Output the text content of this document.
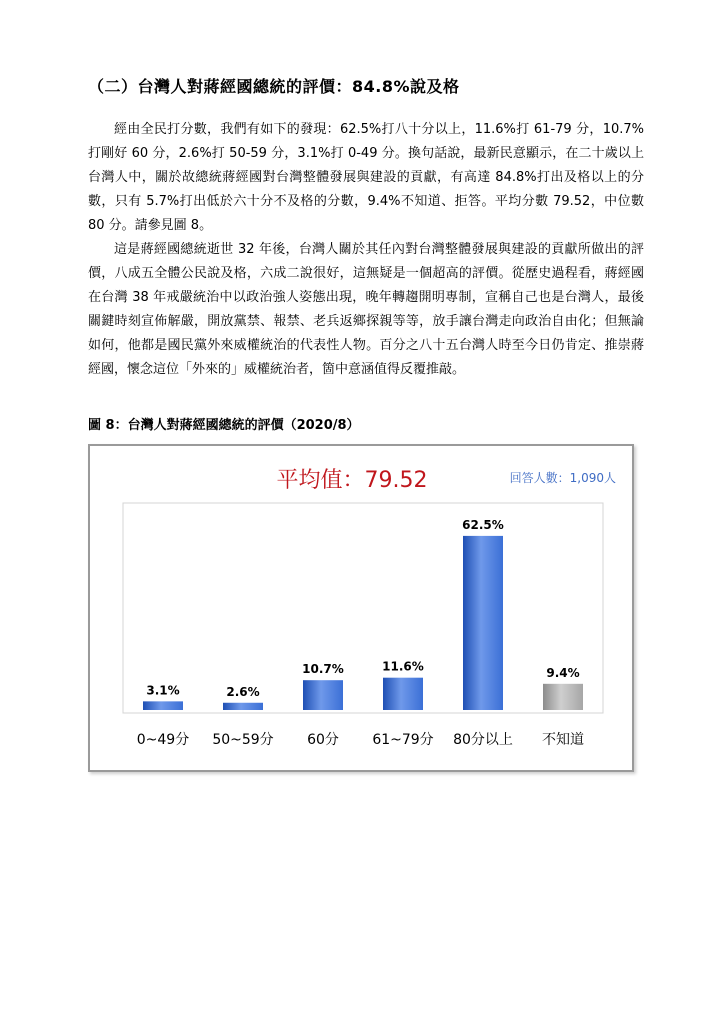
（二）台灣人對蔣經國總統的評價：84.8%說及格

經由全民打分數，我們有如下的發現：62.5%打八十分以上，11.6%打 61-79 分，10.7%打剛好 60 分，2.6%打 50-59 分，3.1%打 0-49 分。換句話說，最新民意顯示，在二十歲以上台灣人中，關於故總統蔣經國對台灣整體發展與建設的貢獻，有高達 84.8%打出及格以上的分數，只有 5.7%打出低於六十分不及格的分數，9.4%不知道、拒答。平均分數 79.52，中位數 80 分。請參見圖 8。

這是蔣經國總統逝世 32 年後，台灣人關於其任內對台灣整體發展與建設的貢獻所做出的評價，八成五全體公民說及格，六成二說很好，這無疑是一個超高的評價。從歷史過程看，蔣經國在台灣 38 年戒嚴統治中以政治強人姿態出現，晚年轉趨開明專制，宣稱自己也是台灣人，最後關鍵時刻宣佈解嚴，開放黨禁、報禁、老兵返鄉探親等等，放手讓台灣走向政治自由化；但無論如何，他都是國民黨外來威權統治的代表性人物。百分之八十五台灣人時至今日仍肯定、推崇蔣經國，懷念這位「外來的」威權統治者，箇中意涵值得反覆推敲。

圖 8：台灣人對蔣經國總統的評價（2020/8）
平均值：79.52	回答人數：1,090人
3.1%
0~49分
2.6%
50~59分
10.7%
60分
11.6%
61~79分
62.5%
80分以上
9.4%
不知道
